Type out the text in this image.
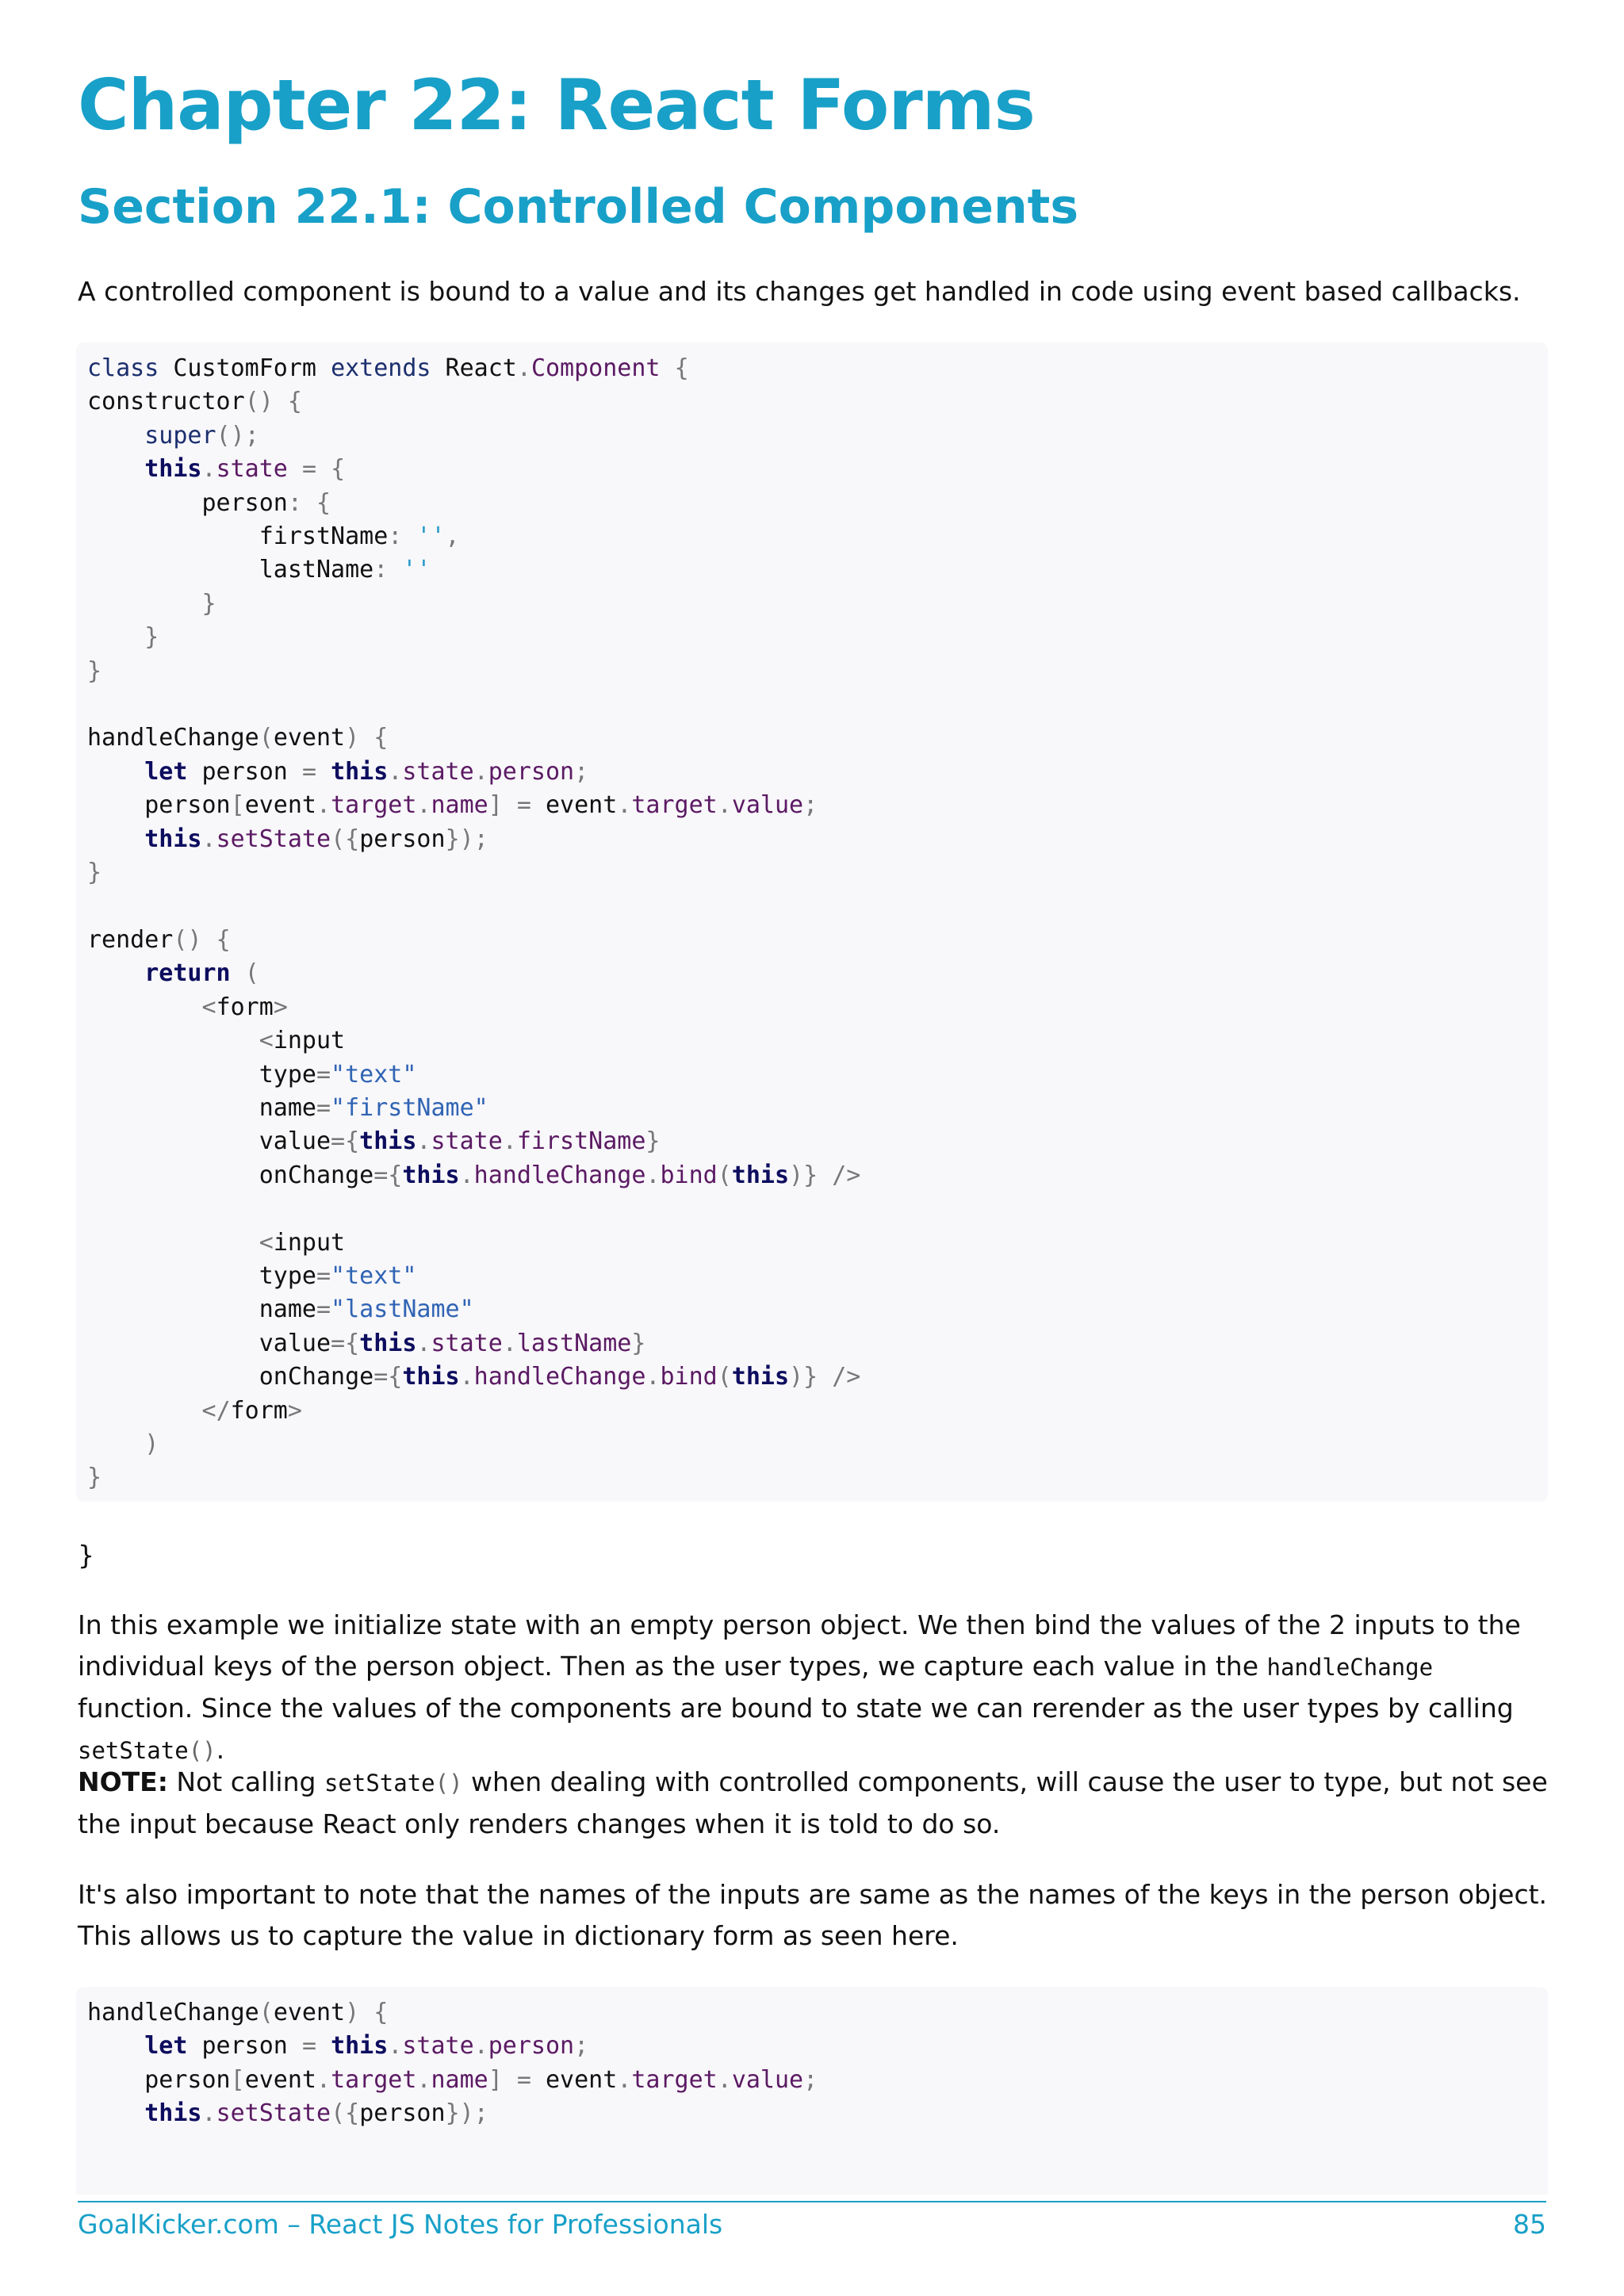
Chapter 22: React Forms
Section 22.1: Controlled Components

A controlled component is bound to a value and its changes get handled in code using event based callbacks.

class CustomForm extends React.Component {
constructor() {
super();
this.state = {
person: {
firstName: '',
lastName: ''
}
}
}

handleChange(event) {
let person = this.state.person;
person[event.target.name] = event.target.value;
this.setState({person});
}

render() {
return (
<form>
<input
type="text"
name="firstName"
value={this.state.firstName}
onChange={this.handleChange.bind(this)} />

<input
type="text"
name="lastName"
value={this.state.lastName}
onChange={this.handleChange.bind(this)} />
</form>
)
}

}

In this example we initialize state with an empty person object. We then bind the values of the 2 inputs to the individual keys of the person object. Then as the user types, we capture each value in the handleChange function. Since the values of the components are bound to state we can rerender as the user types by calling setState().

NOTE: Not calling setState() when dealing with controlled components, will cause the user to type, but not see the input because React only renders changes when it is told to do so.

It's also important to note that the names of the inputs are same as the names of the keys in the person object. This allows us to capture the value in dictionary form as seen here.

handleChange(event) {
let person = this.state.person;
person[event.target.name] = event.target.value;
this.setState({person});
GoalKicker.com – React JS Notes for Professionals	85
